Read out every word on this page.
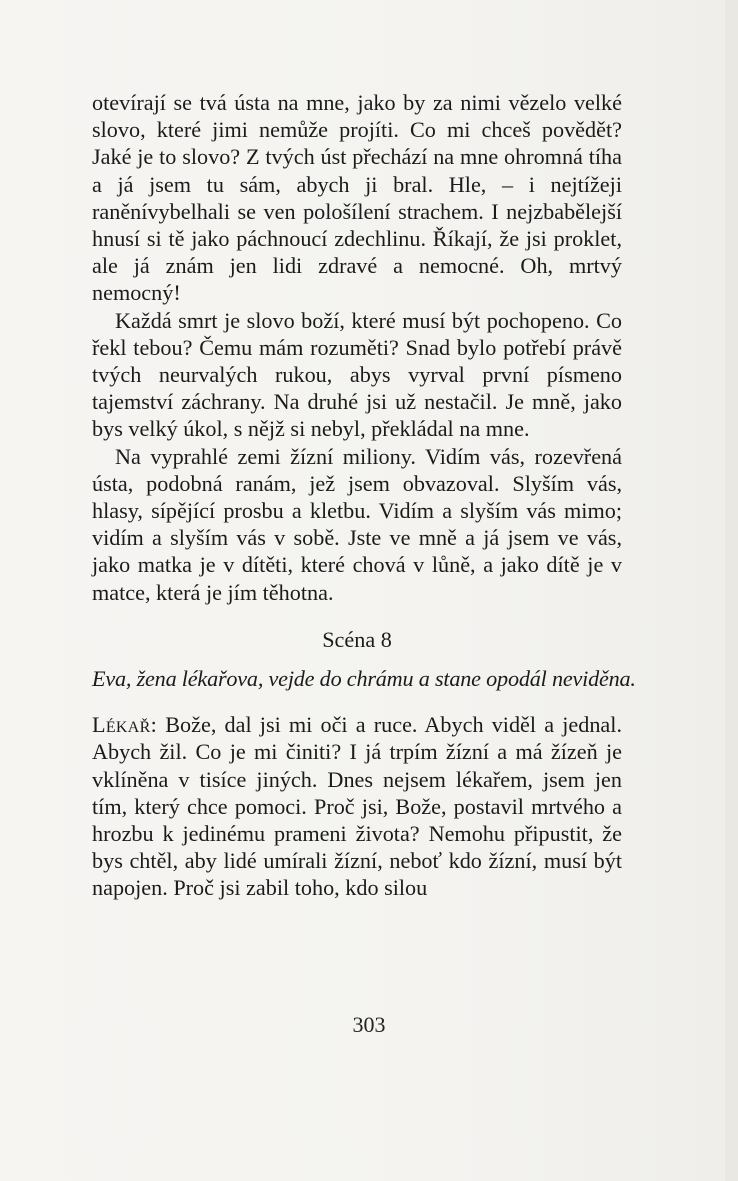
otevírají se tvá ústa na mne, jako by za nimi vězelo velké slovo, které jimi nemůže projíti. Co mi chceš povědět? Jaké je to slovo? Z tvých úst přechází na mne ohromná tíha a já jsem tu sám, abych ji bral. Hle, – i nejtížeji raněnívybelhali se ven pološílení strachem. I nejzbabělejší hnusí si tě jako páchnoucí zdechlinu. Říkají, že jsi proklet, ale já znám jen lidi zdravé a nemocné. Oh, mrtvý nemocný!

Každá smrt je slovo boží, které musí být pochopeno. Co řekl tebou? Čemu mám rozuměti? Snad bylo potřebí právě tvých neurvalých rukou, abys vyrval první písmeno tajemství záchrany. Na druhé jsi už nestačil. Je mně, jako bys velký úkol, s nějž si nebyl, překládal na mne.

Na vyprahlé zemi žízní miliony. Vidím vás, rozevřená ústa, podobná ranám, jež jsem obvazoval. Slyším vás, hlasy, sípějící prosbu a kletbu. Vidím a slyším vás mimo; vidím a slyším vás v sobě. Jste ve mně a já jsem ve vás, jako matka je v dítěti, které chová v lůně, a jako dítě je v matce, která je jím těhotna.

Scéna 8

Eva, žena lékařova, vejde do chrámu a stane opodál neviděna.

Lékař: Bože, dal jsi mi oči a ruce. Abych viděl a jednal. Abych žil. Co je mi činiti? I já trpím žízní a má žízeň je vklíněna v tisíce jiných. Dnes nejsem lékařem, jsem jen tím, který chce pomoci. Proč jsi, Bože, postavil mrtvého a hrozbu k jedinému prameni života? Nemohu připustit, že bys chtěl, aby lidé umírali žízní, neboť kdo žízní, musí být napojen. Proč jsi zabil toho, kdo silou

303
